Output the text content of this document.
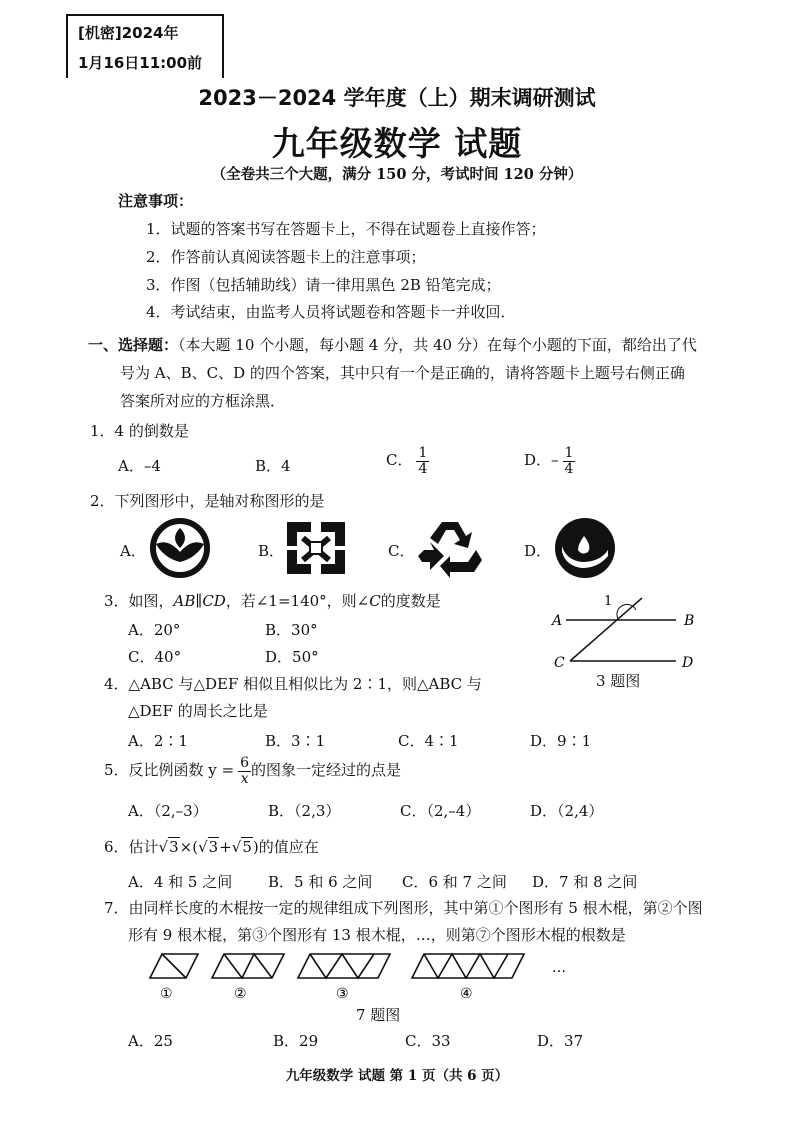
[机密]2024年
1月16日11:00前
2023－2024 学年度（上）期末调研测试
九年级数学 试题
（全卷共三个大题，满分 150 分，考试时间 120 分钟）
注意事项：
1．试题的答案书写在答题卡上，不得在试题卷上直接作答；
2．作答前认真阅读答题卡上的注意事项；
3．作图（包括辅助线）请一律用黑色 2B 铅笔完成；
4．考试结束，由监考人员将试题卷和答题卡一并收回．
一、选择题：（本大题 10 个小题，每小题 4 分，共 40 分）在每个小题的下面，都给出了代
号为 A、B、C、D 的四个答案，其中只有一个是正确的，请将答题卡上题号右侧正确
答案所对应的方框涂黑．
1．4 的倒数是
A．–4	B．4	C． $\frac{1}{4}$	D．– $\frac{1}{4}$
2．下列图形中，是轴对称图形的是
A．	B．	C．	D．
3．如图，AB∥CD，若∠1=140°，则∠C的度数是
A．20°	B．30°
C．40°	D．50°
A	B
C	D
1
3 题图
4．△ABC 与△DEF 相似且相似比为 2∶1，则△ABC 与
△DEF 的周长之比是
A．2∶1	B．3∶1	C．4∶1	D．9∶1
5．反比例函数 $y = \frac{6}{x}$ 的图象一定经过的点是
A．（2,–3）	B．（2,3）	C．（2,–4）	D．（2,4）
6．估计√3×(√3+√5)的值应在
A．4 和 5 之间 B．5 和 6 之间 C．6 和 7 之间 D．7 和 8 之间
7．由同样长度的木棍按一定的规律组成下列图形，其中第①个图形有 5 根木棍，第②个图
形有 9 根木棍，第③个图形有 13 根木棍，…，则第⑦个图形木棍的根数是
…
①	②	③	④
7 题图
A．25	B．29	C．33	D．37
九年级数学 试题 第 1 页（共 6 页）
